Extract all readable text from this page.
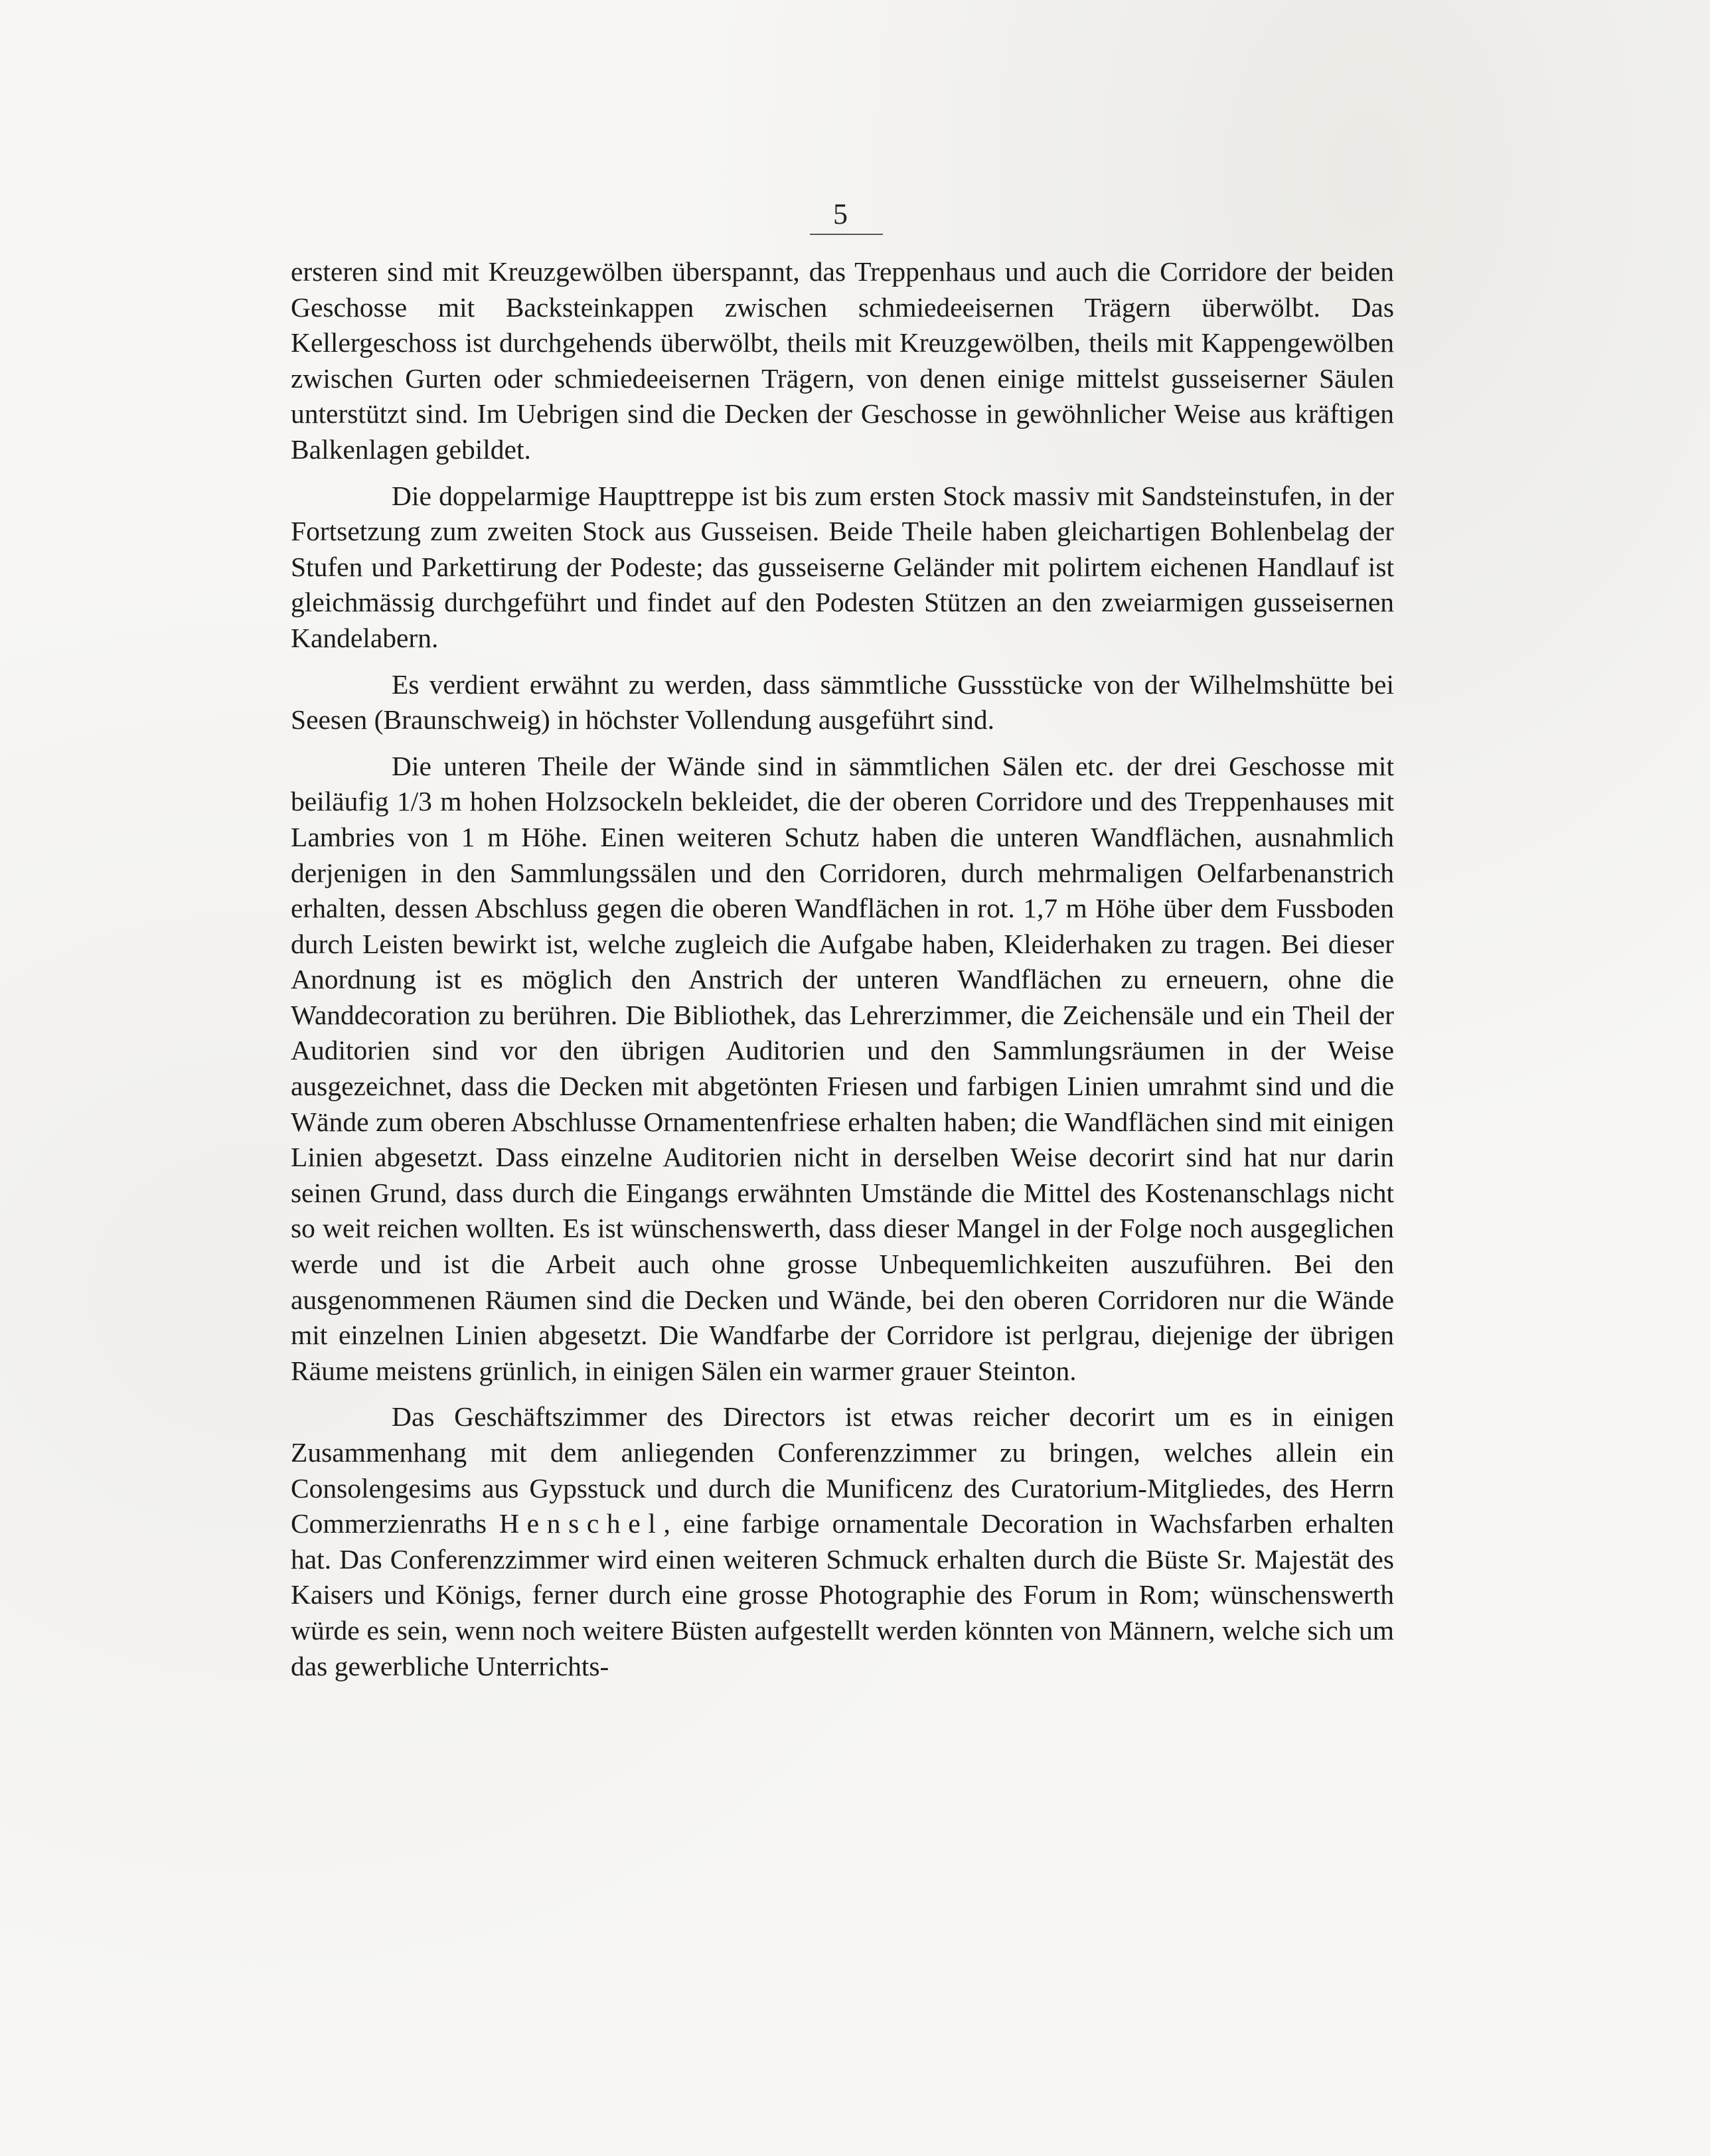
5

ersteren sind mit Kreuzgewölben überspannt, das Treppenhaus und auch die Corridore der beiden Geschosse mit Backsteinkappen zwischen schmiedeeisernen Trägern überwölbt. Das Kellergeschoss ist durchgehends überwölbt, theils mit Kreuzgewölben, theils mit Kappengewölben zwischen Gurten oder schmiedeeisernen Trägern, von denen einige mittelst gusseiserner Säulen unterstützt sind. Im Uebrigen sind die Decken der Geschosse in gewöhnlicher Weise aus kräftigen Balkenlagen gebildet.

Die doppelarmige Haupttreppe ist bis zum ersten Stock massiv mit Sandsteinstufen, in der Fortsetzung zum zweiten Stock aus Gusseisen. Beide Theile haben gleichartigen Bohlenbelag der Stufen und Parkettirung der Podeste; das gusseiserne Geländer mit polirtem eichenen Handlauf ist gleichmässig durchgeführt und findet auf den Podesten Stützen an den zweiarmigen gusseisernen Kandelabern.

Es verdient erwähnt zu werden, dass sämmtliche Gussstücke von der Wilhelmshütte bei Seesen (Braunschweig) in höchster Vollendung ausgeführt sind.

Die unteren Theile der Wände sind in sämmtlichen Sälen etc. der drei Geschosse mit beiläufig 1/3 m hohen Holzsockeln bekleidet, die der oberen Corridore und des Treppenhauses mit Lambries von 1 m Höhe. Einen weiteren Schutz haben die unteren Wandflächen, ausnahmlich derjenigen in den Sammlungssälen und den Corridoren, durch mehrmaligen Oelfarbenanstrich erhalten, dessen Abschluss gegen die oberen Wandflächen in rot. 1,7 m Höhe über dem Fussboden durch Leisten bewirkt ist, welche zugleich die Aufgabe haben, Kleiderhaken zu tragen. Bei dieser Anordnung ist es möglich den Anstrich der unteren Wandflächen zu erneuern, ohne die Wanddecoration zu berühren. Die Bibliothek, das Lehrerzimmer, die Zeichensäle und ein Theil der Auditorien sind vor den übrigen Auditorien und den Sammlungsräumen in der Weise ausgezeichnet, dass die Decken mit abgetönten Friesen und farbigen Linien umrahmt sind und die Wände zum oberen Abschlusse Ornamentenfriese erhalten haben; die Wandflächen sind mit einigen Linien abgesetzt. Dass einzelne Auditorien nicht in derselben Weise decorirt sind hat nur darin seinen Grund, dass durch die Eingangs erwähnten Umstände die Mittel des Kostenanschlags nicht so weit reichen wollten. Es ist wünschenswerth, dass dieser Mangel in der Folge noch ausgeglichen werde und ist die Arbeit auch ohne grosse Unbequemlichkeiten auszuführen. Bei den ausgenommenen Räumen sind die Decken und Wände, bei den oberen Corridoren nur die Wände mit einzelnen Linien abgesetzt. Die Wandfarbe der Corridore ist perlgrau, diejenige der übrigen Räume meistens grünlich, in einigen Sälen ein warmer grauer Steinton.

Das Geschäftszimmer des Directors ist etwas reicher decorirt um es in einigen Zusammenhang mit dem anliegenden Conferenzzimmer zu bringen, welches allein ein Consolengesims aus Gypsstuck und durch die Munificenz des Curatorium-Mitgliedes, des Herrn Commerzienraths Henschel, eine farbige ornamentale Decoration in Wachsfarben erhalten hat. Das Conferenzzimmer wird einen weiteren Schmuck erhalten durch die Büste Sr. Majestät des Kaisers und Königs, ferner durch eine grosse Photographie des Forum in Rom; wünschenswerth würde es sein, wenn noch weitere Büsten aufgestellt werden könnten von Männern, welche sich um das gewerbliche Unterrichts-
